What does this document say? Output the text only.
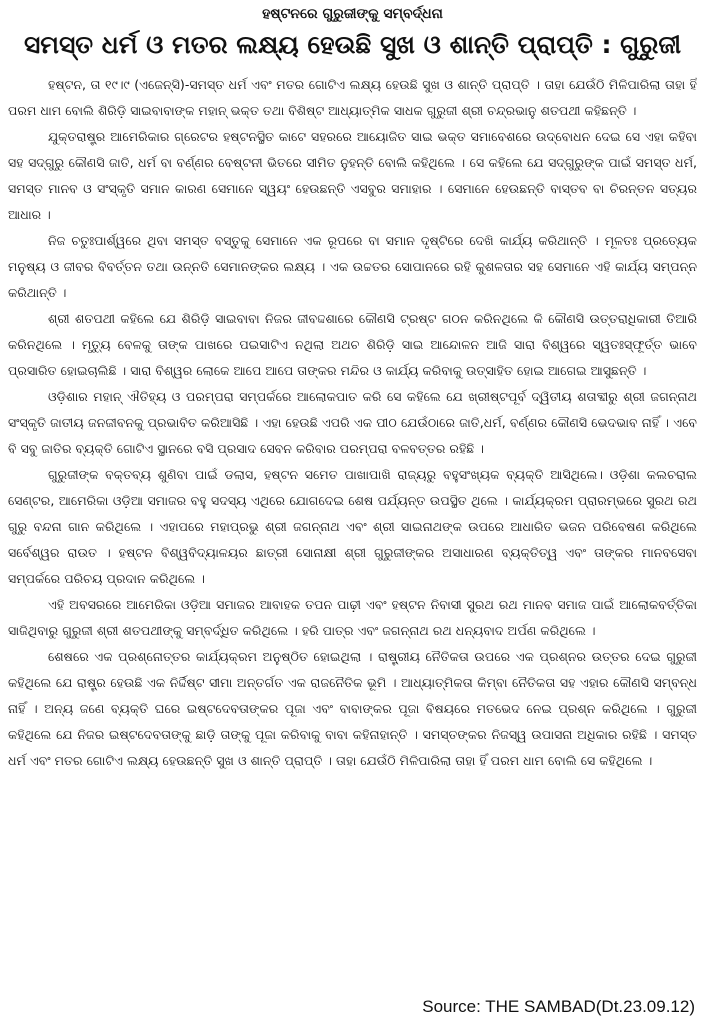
ହଷ୍ଟନରେ ଗୁରୁଜୀଙ୍କୁ ସମ୍ବର୍ଦ୍ଧନା
ସମସ୍ତ ଧର୍ମ ଓ ମତର ଲକ୍ଷ୍ୟ ହେଉଛି ସୁଖ ଓ ଶାନ୍ତି ପ୍ରାପ୍ତି : ଗୁରୁଜୀ

ହଷ୍ଟନ, ତା ୧୯।୯ (ଏଜେନ୍ସି)-ସମସ୍ତ ଧର୍ମ ଏବଂ ମତର ଗୋଟିଏ ଲକ୍ଷ୍ୟ ହେଉଛି ସୁଖ ଓ ଶାନ୍ତି ପ୍ରାପ୍ତି । ତାହା ଯେଉଁଠି ମିଳିପାରିଲା ତାହା ହିଁ ପରମ ଧାମ ବୋଲି ଶିରିଡ଼ି ସାଇବାବାଙ୍କ ମହାନ୍ ଭକ୍ତ ତଥା ବିଶିଷ୍ଟ ଆଧ୍ୟାତ୍ମିକ ସାଧକ ଗୁରୁଜୀ ଶ୍ରୀ ଚନ୍ଦ୍ରଭାନୁ ଶତପଥୀ କହିଛନ୍ତି ।

ଯୁକ୍ତରାଷ୍ଟ୍ର ଆମେରିକାର ଗ୍ରେଟର ହଷ୍ଟନସ୍ଥିତ କାଟେ ସହରରେ ଆୟୋଜିତ ସାଇ ଭକ୍ତ ସମାବେଶରେ ଉଦ୍‌ବୋଧନ ଦେଇ ସେ ଏହା କହିବା ସହ ସଦ୍‌ଗୁରୁ କୌଣସି ଜାତି, ଧର୍ମ ବା ବର୍ଣ୍ଣର ବେଷ୍ଟନୀ ଭିତରେ ସୀମିତ ନୁହନ୍ତି ବୋଲି କହିଥିଲେ । ସେ କହିଲେ ଯେ ସଦ୍‌ଗୁରୁଙ୍କ ପାଇଁ ସମସ୍ତ ଧର୍ମ, ସମସ୍ତ ମାନବ ଓ ସଂସ୍କୃତି ସମାନ କାରଣ ସେମାନେ ସ୍ୱୟଂ ହେଉଛନ୍ତି ଏସବୁର ସମାହାର । ସେମାନେ ହେଉଛନ୍ତି ବାସ୍ତବ ବା ଚିରନ୍ତନ ସତ୍ୟର ଆଧାର ।

ନିଜ ଚତୁଃପାର୍ଶ୍ୱରେ ଥିବା ସମସ୍ତ ବସ୍ତୁକୁ ସେମାନେ ଏକ ରୂପରେ ବା ସମାନ ଦୃଷ୍ଟିରେ ଦେଖି କାର୍ଯ୍ୟ କରିଥାନ୍ତି । ମୂଳତଃ ପ୍ରତ୍ୟେକ ମନୁଷ୍ୟ ଓ ଜୀବର ବିବର୍ତ୍ତନ ତଥା ଉନ୍ନତି ସେମାନଙ୍କର ଲକ୍ଷ୍ୟ । ଏକ ଉଚ୍ଚତର ସୋପାନରେ ରହି କୁଶଳତାର ସହ ସେମାନେ ଏହି କାର୍ଯ୍ୟ ସମ୍ପନ୍ନ କରିଥାନ୍ତି ।

ଶ୍ରୀ ଶତପଥୀ କହିଲେ ଯେ ଶିରିଡ଼ି ସାଇବାବା ନିଜର ଜୀବଦ୍ଦଶାରେ କୌଣସି ଟ୍ରଷ୍ଟ ଗଠନ କରିନଥିଲେ କି କୌଣସି ଉତ୍ତରାଧିକାରୀ ତିଆରି କରିନଥିଲେ । ମୃତ୍ୟୁ ବେଳକୁ ତାଙ୍କ ପାଖରେ ପଇସାଟିଏ ନଥିଲା ଅଥଚ ଶିରିଡ଼ି ସାଇ ଆନ୍ଦୋଳନ ଆଜି ସାରା ବିଶ୍ୱରେ ସ୍ୱତଃସ୍ଫୂର୍ତ୍ତ ଭାବେ ପ୍ରସାରିତ ହୋଇଚାଲିଛି । ସାରା ବିଶ୍ୱର ଲୋକେ ଆପେ ଆପେ ତାଙ୍କର ମନ୍ଦିର ଓ କାର୍ଯ୍ୟ କରିବାକୁ ଉତ୍ସାହିତ ହୋଇ ଆଗେଇ ଆସୁଛନ୍ତି ।

ଓଡ଼ିଶାର ମହାନ୍ ଐତିହ୍ୟ ଓ ପରମ୍ପରା ସମ୍ପର୍କରେ ଆଲୋକପାତ କରି ସେ କହିଲେ ଯେ ଖ୍ରୀଷ୍ଟପୂର୍ବ ଦ୍ୱିତୀୟ ଶତାବ୍ଦୀରୁ ଶ୍ରୀ ଜଗନ୍ନାଥ ସଂସ୍କୃତି ଜାତୀୟ ଜନଜୀବନକୁ ପ୍ରଭାବିତ କରିଆସିଛି । ଏହା ହେଉଛି ଏପରି ଏକ ପୀଠ ଯେଉଁଠାରେ ଜାତି,ଧର୍ମ, ବର୍ଣ୍ଣର କୌଣସି ଭେଦଭାବ ନାହିଁ । ଏବେ ବି ସବୁ ଜାତିର ବ୍ୟକ୍ତି ଗୋଟିଏ ସ୍ଥାନରେ ବସି ପ୍ରସାଦ ସେବନ କରିବାର ପରମ୍ପରା ବଳବତ୍ତର ରହିଛି ।

ଗୁରୁଜୀଙ୍କ ବକ୍ତବ୍ୟ ଶୁଣିବା ପାଇଁ ଡଲାସ, ହଷ୍ଟନ ସମେତ ପାଖାପାଖି ରାଜ୍ୟରୁ ବହୁସଂଖ୍ୟକ ବ୍ୟକ୍ତି ଆସିଥିଲେ। ଓଡ଼ିଶା କଲଚରାଲ ସେଣ୍ଟର, ଆମେରିକା ଓଡ଼ିଆ ସମାଜର ବହୁ ସଦସ୍ୟ ଏଥିରେ ଯୋଗଦେଇ ଶେଷ ପର୍ଯ୍ୟନ୍ତ ଉପସ୍ଥିତ ଥିଲେ । କାର୍ଯ୍ୟକ୍ରମ ପ୍ରାରମ୍ଭରେ ସୁରଥ ରଥ ଗୁରୁ ବନ୍ଦନା ଗାନ କରିଥିଲେ । ଏହାପରେ ମହାପ୍ରଭୁ ଶ୍ରୀ ଜଗନ୍ନାଥ ଏବଂ ଶ୍ରୀ ସାଇନାଥଙ୍କ ଉପରେ ଆଧାରିତ ଭଜନ ପରିବେଷଣ କରିଥିଲେ ସର୍ବେଶ୍ୱର ରାଉତ । ହଷ୍ଟନ ବିଶ୍ୱବିଦ୍ୟାଳୟର ଛାତ୍ରୀ ସୋନାକ୍ଷୀ ଶ୍ରୀ ଗୁରୁଜୀଙ୍କର ଅସାଧାରଣ ବ୍ୟକ୍ତିତ୍ୱ ଏବଂ ତାଙ୍କର ମାନବସେବା ସମ୍ପର୍କରେ ପରିଚୟ ପ୍ରଦାନ କରିଥିଲେ ।

ଏହି ଅବସରରେ ଆମେରିକା ଓଡ଼ିଆ ସମାଜର ଆବାହକ ତପନ ପାଢ଼ୀ ଏବଂ ହଷ୍ଟନ ନିବାସୀ ସୁରଥ ରଥ ମାନବ ସମାଜ ପାଇଁ ଆଲୋକବର୍ତ୍ତିକା ସାଜିଥିବାରୁ ଗୁରୁଜୀ ଶ୍ରୀ ଶତପଥୀଙ୍କୁ ସମ୍ବର୍ଦ୍ଧିତ କରିଥିଲେ । ହରି ପାତ୍ର ଏବଂ ଜଗନ୍ନାଥ ରଥ ଧନ୍ୟବାଦ ଅର୍ପଣ କରିଥିଲେ ।

ଶେଷରେ ଏକ ପ୍ରଶ୍ନୋତ୍ତର କାର୍ଯ୍ୟକ୍ରମ ଅନୁଷ୍ଠିତ ହୋଇଥିଲା । ରାଷ୍ଟ୍ରୀୟ ନୈତିକତା ଉପରେ ଏକ ପ୍ରଶ୍ନର ଉତ୍ତର ଦେଇ ଗୁରୁଜୀ କହିଥିଲେ ଯେ ରାଷ୍ଟ୍ର ହେଉଛି ଏକ ନିର୍ଦ୍ଦିଷ୍ଟ ସୀମା ଅନ୍ତର୍ଗତ ଏକ ରାଜନୈତିକ ଭୂମି । ଆଧ୍ୟାତ୍ମିକତା କିମ୍ବା ନୈତିକତା ସହ ଏହାର କୌଣସି ସମ୍ବନ୍ଧ ନାହିଁ । ଅନ୍ୟ ଜଣେ ବ୍ୟକ୍ତି ଘରେ ଇଷ୍ଟଦେବତାଙ୍କର ପୂଜା ଏବଂ ବାବାଙ୍କର ପୂଜା ବିଷୟରେ ମତଭେଦ ନେଇ ପ୍ରଶ୍ନ କରିଥିଲେ । ଗୁରୁଜୀ କହିଥିଲେ ଯେ ନିଜର ଇଷ୍ଟଦେବତାଙ୍କୁ ଛାଡ଼ି ତାଙ୍କୁ ପୂଜା କରିବାକୁ ବାବା କହିନାହାନ୍ତି । ସମସ୍ତଙ୍କର ନିଜସ୍ୱ ଉପାସନା ଅଧିକାର ରହିଛି । ସମସ୍ତ ଧର୍ମ ଏବଂ ମତର ଗୋଟିଏ ଲକ୍ଷ୍ୟ ହେଉଛନ୍ତି ସୁଖ ଓ ଶାନ୍ତି ପ୍ରାପ୍ତି । ତାହା ଯେଉଁଠି ମିଳିପାରିଲା ତାହା ହିଁ ପରମ ଧାମ ବୋଲି ସେ କହିଥିଲେ ।

Source: THE SAMBAD(Dt.23.09.12)
